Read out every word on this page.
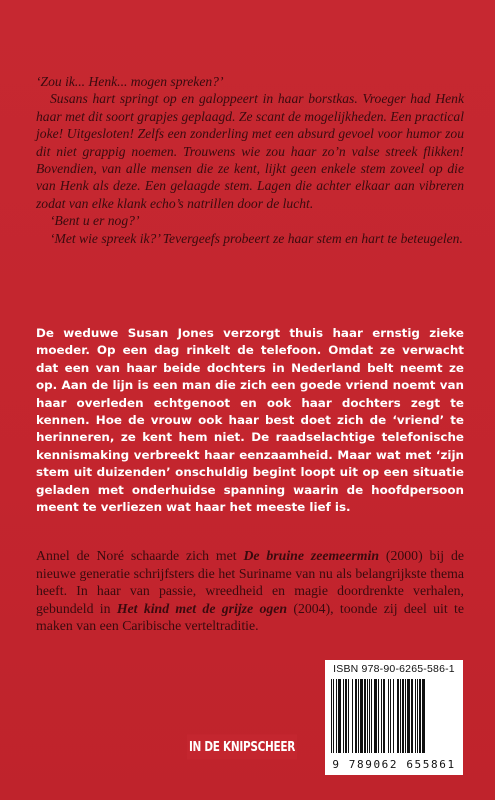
‘Zou ik... Henk... mogen spreken?’

Susans hart springt op en galoppeert in haar borstkas. Vroeger had Henk haar met dit soort grapjes geplaagd. Ze scant de mogelijkheden. Een practical joke! Uitgesloten! Zelfs een zonderling met een absurd gevoel voor humor zou dit niet grappig noemen. Trouwens wie zou haar zo’n valse streek flikken! Bovendien, van alle mensen die ze kent, lijkt geen enkele stem zoveel op die van Henk als deze. Een gelaagde stem. Lagen die achter elkaar aan vibreren zodat van elke klank echo’s natrillen door de lucht.

‘Bent u er nog?’

‘Met wie spreek ik?’ Tevergeefs probeert ze haar stem en hart te beteugelen.

De weduwe Susan Jones verzorgt thuis haar ernstig zieke moeder. Op een dag rinkelt de telefoon. Omdat ze verwacht dat een van haar beide dochters in Nederland belt neemt ze op. Aan de lijn is een man die zich een goede vriend noemt van haar overleden echtgenoot en ook haar dochters zegt te kennen. Hoe de vrouw ook haar best doet zich de ‘vriend’ te herinneren, ze kent hem niet. De raadselachtige telefonische kennismaking verbreekt haar eenzaamheid. Maar wat met ‘zijn stem uit duizenden’ onschuldig begint loopt uit op een situatie geladen met onderhuidse spanning waarin de hoofdpersoon meent te verliezen wat haar het meeste lief is.

Annel de Noré schaarde zich met De bruine zeemeermin (2000) bij de nieuwe generatie schrijfsters die het Suriname van nu als belangrijkste thema heeft. In haar van passie, wreedheid en magie doordrenkte verhalen, gebundeld in Het kind met de grijze ogen (2004), toonde zij deel uit te maken van een Caribische verteltraditie.

IN DE KNIPSCHEER
ISBN 978-90-6265-586-1
9 789062 655861
